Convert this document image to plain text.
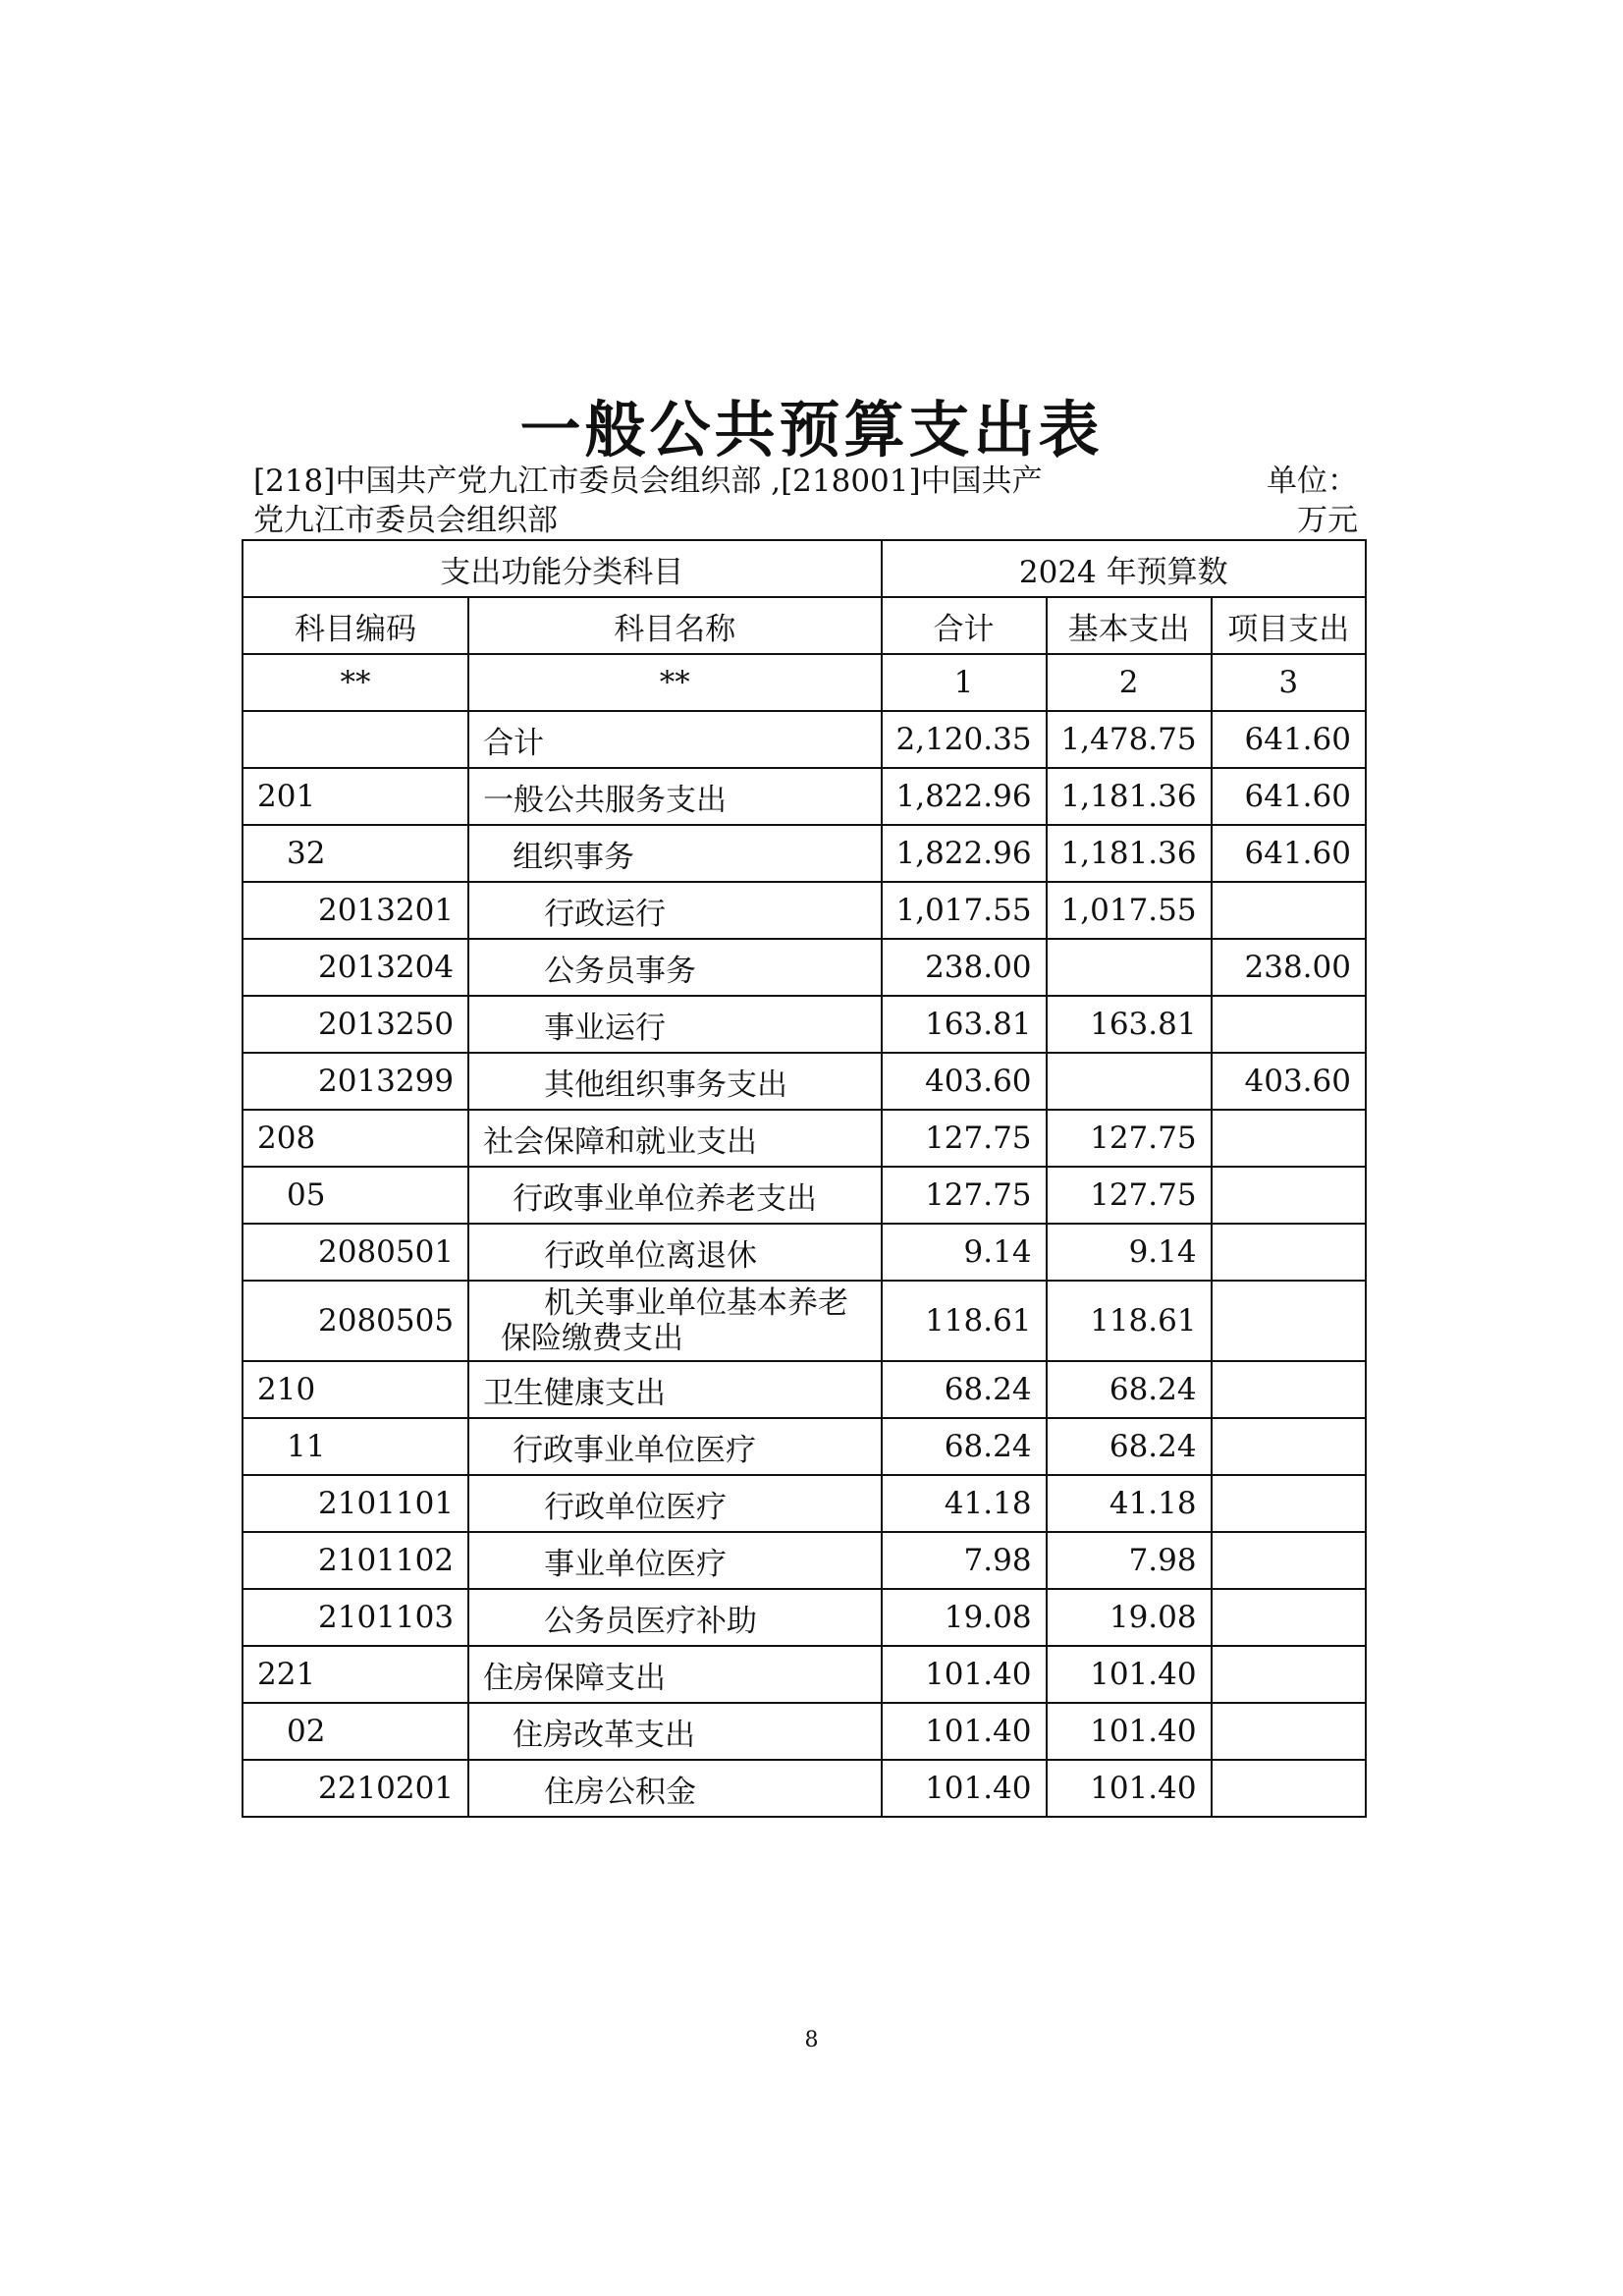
一般公共预算支出表
[218]中国共产党九江市委员会组织部 ,[218001]中国共产
党九江市委员会组织部
单位：
万元
支出功能分类科目		2024 年预算数		
科目编码	科目名称	合计	基本支出	项目支出
**	**	1	2	3
	合计	2,120.35	1,478.75	641.60
201	一般公共服务支出	1,822.96	1,181.36	641.60
32	组织事务	1,822.96	1,181.36	641.60
2013201	行政运行	1,017.55	1,017.55	
2013204	公务员事务	238.00		238.00
2013250	事业运行	163.81	163.81	
2013299	其他组织事务支出	403.60		403.60
208	社会保障和就业支出	127.75	127.75	
05	行政事业单位养老支出	127.75	127.75	
2080501	行政单位离退休	9.14	9.14	
2080505	机关事业单位基本养老
保险缴费支出	118.61	118.61	
210	卫生健康支出	68.24	68.24	
11	行政事业单位医疗	68.24	68.24	
2101101	行政单位医疗	41.18	41.18	
2101102	事业单位医疗	7.98	7.98	
2101103	公务员医疗补助	19.08	19.08	
221	住房保障支出	101.40	101.40	
02	住房改革支出	101.40	101.40	
2210201	住房公积金	101.40	101.40	
8
